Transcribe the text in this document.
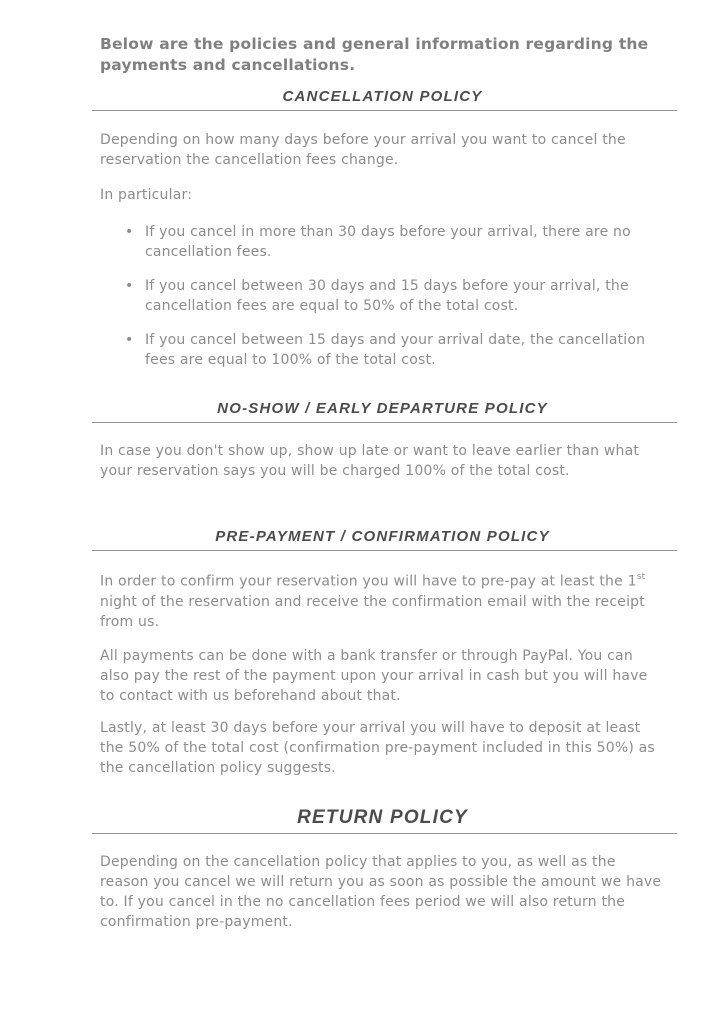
Below are the policies and general information regarding the payments and cancellations.

CANCELLATION POLICY

Depending on how many days before your arrival you want to cancel the reservation the cancellation fees change.

In particular:

• If you cancel in more than 30 days before your arrival, there are no cancellation fees.
• If you cancel between 30 days and 15 days before your arrival, the cancellation fees are equal to 50% of the total cost.
• If you cancel between 15 days and your arrival date, the cancellation fees are equal to 100% of the total cost.
NO-SHOW / EARLY DEPARTURE POLICY

In case you don't show up, show up late or want to leave earlier than what your reservation says you will be charged 100% of the total cost.

PRE-PAYMENT / CONFIRMATION POLICY

In order to confirm your reservation you will have to pre-pay at least the 1st night of the reservation and receive the confirmation email with the receipt from us.

All payments can be done with a bank transfer or through PayPal. You can also pay the rest of the payment upon your arrival in cash but you will have to contact with us beforehand about that.

Lastly, at least 30 days before your arrival you will have to deposit at least the 50% of the total cost (confirmation pre-payment included in this 50%) as the cancellation policy suggests.

RETURN POLICY

Depending on the cancellation policy that applies to you, as well as the reason you cancel we will return you as soon as possible the amount we have to. If you cancel in the no cancellation fees period we will also return the confirmation pre-payment.
